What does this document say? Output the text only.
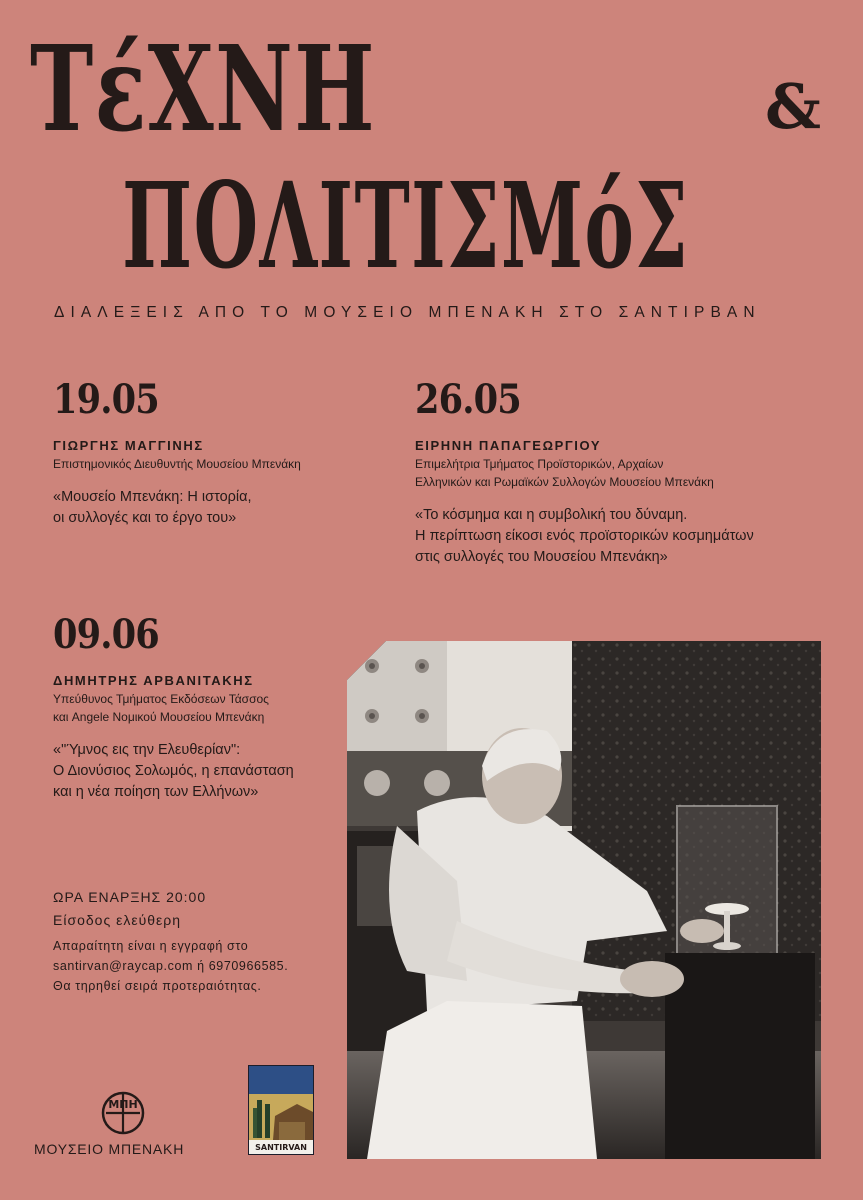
ΤέΧΝΗ	&
ΠΟΛΙΤΙΣΜόΣ
ΔΙΑΛΕΞΕΙΣ ΑΠΟ ΤΟ ΜΟΥΣΕΙΟ ΜΠΕΝΑΚΗ ΣΤΟ ΣΑΝΤΙΡΒΑΝ
19.05
ΓΙΩΡΓΗΣ ΜΑΓΓΙΝΗΣ

Επιστημονικός Διευθυντής Μουσείου Μπενάκη

«Μουσείο Μπενάκη: Η ιστορία,

οι συλλογές και το έργο του»

26.05
ΕΙΡΗΝΗ ΠΑΠΑΓΕΩΡΓΙΟΥ

Επιμελήτρια Τμήματος Προϊστορικών, Αρχαίων

Ελληνικών και Ρωμαϊκών Συλλογών Μουσείου Μπενάκη

«Το κόσμημα και η συμβολική του δύναμη.

Η περίπτωση είκοσι ενός προϊστορικών κοσμημάτων

στις συλλογές του Μουσείου Μπενάκη»

09.06
ΔΗΜΗΤΡΗΣ ΑΡΒΑΝΙΤΑΚΗΣ

Υπεύθυνος Τμήματος Εκδόσεων Τάσσος

και Angele Νομικού Μουσείου Μπενάκη

«"Ύμνος εις την Ελευθερίαν":

Ο Διονύσιος Σολωμός, η επανάσταση

και η νέα ποίηση των Ελλήνων»

ΩΡΑ ΕΝΑΡΞΗΣ 20:00

Είσοδος ελεύθερη

Απαραίτητη είναι η εγγραφή στο

santirvan@raycap.com ή 6970966585.

Θα τηρηθεί σειρά προτεραιότητας.

ΜΠΗ
ΜΟΥΣΕΙΟ ΜΠΕΝΑΚΗ	SANTIRVAN
